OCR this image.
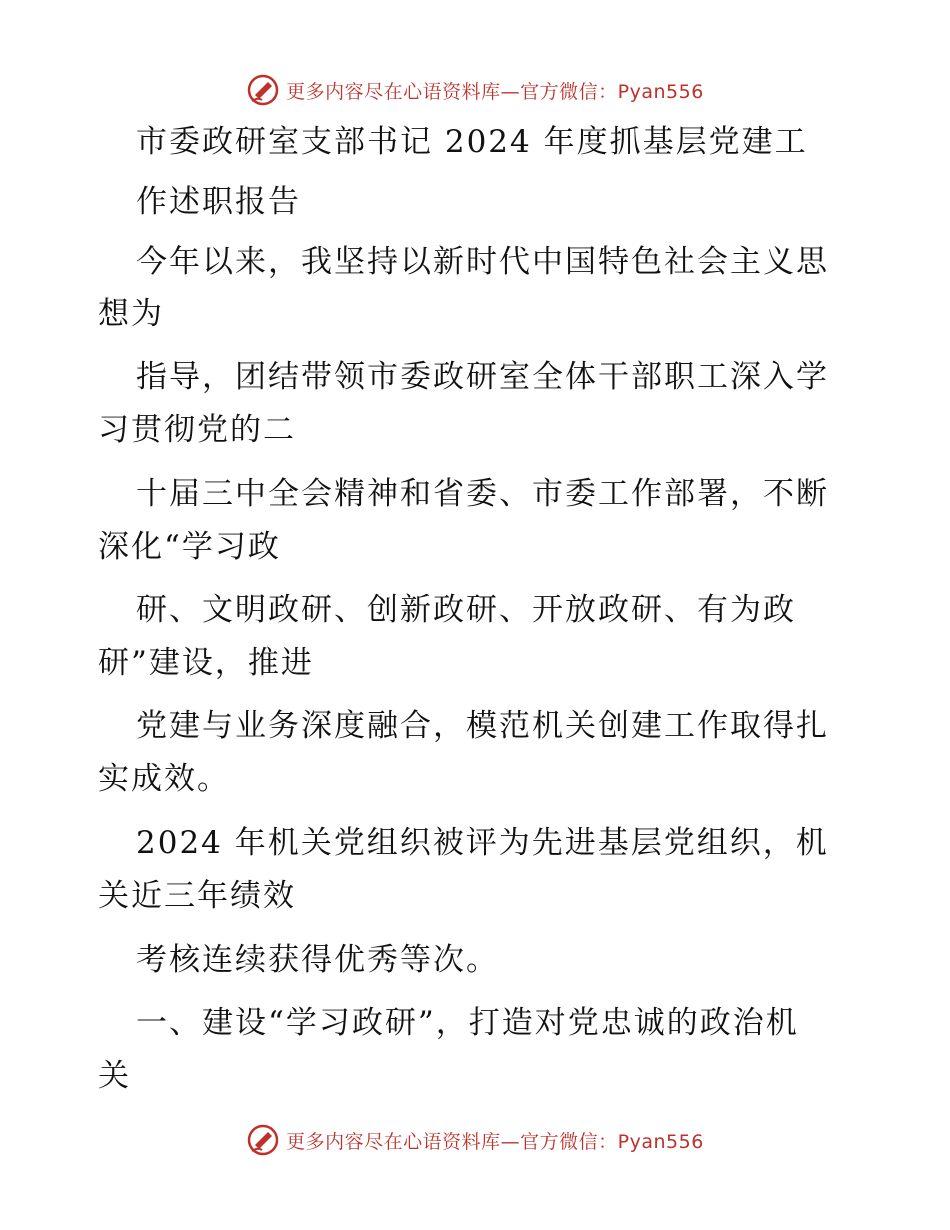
更多内容尽在心语资料库—官方微信：Pyan556
市委政研室支部书记 2024 年度抓基层党建工
作述职报告
今年以来，我坚持以新时代中国特色社会主义思
想为
指导，团结带领市委政研室全体干部职工深入学
习贯彻党的二
十届三中全会精神和省委、市委工作部署，不断
深化“学习政
研、文明政研、创新政研、开放政研、有为政
研”建设，推进
党建与业务深度融合，模范机关创建工作取得扎
实成效。
2024 年机关党组织被评为先进基层党组织，机
关近三年绩效
考核连续获得优秀等次。
一、建设“学习政研”，打造对党忠诚的政治机
关
更多内容尽在心语资料库—官方微信：Pyan556
